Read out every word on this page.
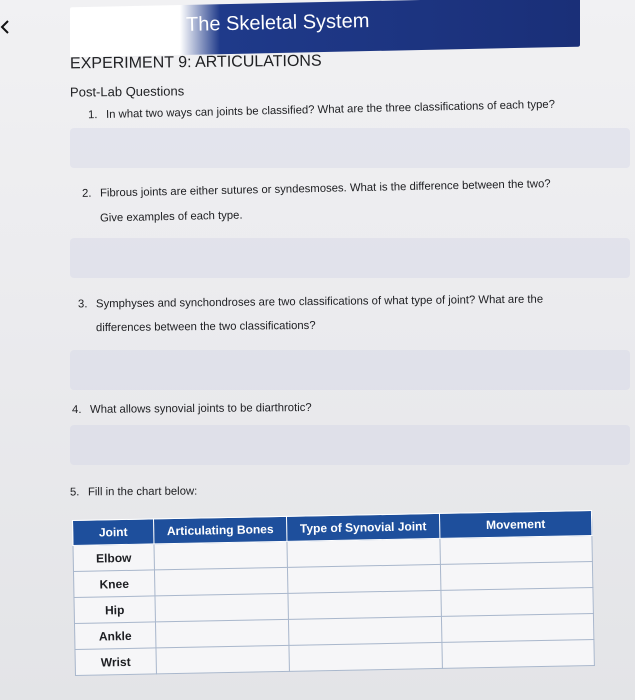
The Skeletal System
EXPERIMENT 9: ARTICULATIONS
Post-Lab Questions
1. In what two ways can joints be classified? What are the three classifications of each type?
2. Fibrous joints are either sutures or syndesmoses. What is the difference between the two?
Give examples of each type.
3. Symphyses and synchondroses are two classifications of what type of joint? What are the
differences between the two classifications?
4. What allows synovial joints to be diarthrotic?
5. Fill in the chart below:
Joint	Articulating Bones	Type of Synovial Joint	Movement
Elbow			
Knee			
Hip			
Ankle			
Wrist			
